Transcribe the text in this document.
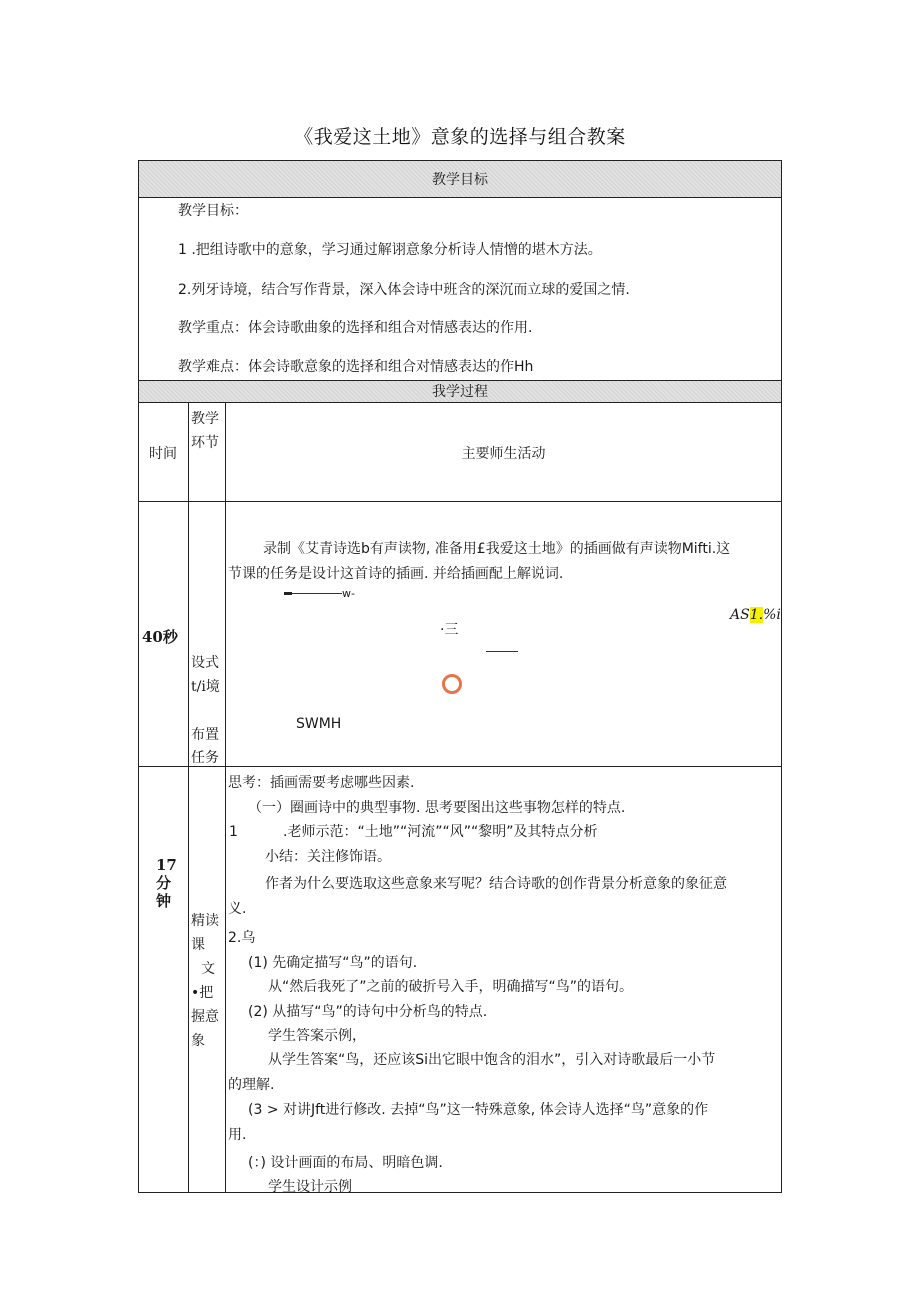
《我爱这土地》意象的选择与组合教案
教学目标
教学目标：
1 .把组诗歌中的意象，学习通过解诩意象分析诗人情憎的堪木方法。
2.列牙诗境，结合写作背景，深入体会诗中班含的深沉而立球的爱国之情.
教学重点：体会诗歌曲象的选择和组合对情感表达的作用.
教学难点：体会诗歌意象的选择和组合对情感表达的作Hh
我学过程
时间
教学
环节
主要师生活动
40秒
设式
t/i境
布置
任务
录制《艾青诗选b有声读物, 准备用£我爱这土地》的插画做有声读物Mifti.这
节课的任务是设计这首诗的插画. 并给插画配上解说词.
w-
AS1.%i
·三
SWMH
17
分
钟
精读
课
文
•把
握意
象
思考：插画需要考虑哪些因素.
（一）圈画诗中的典型事物. 思考要图出这些事物怎样的特点.
1	.老师示范：“土地”“河流”“风”“黎明”及其特点分析
小结：关注修饰语。
作者为什么要选取这些意象来写呢？结合诗歌的创作背景分析意象的象征意
义.
2.乌
(1) 先确定描写“鸟”的语句.
从“然后我死了”之前的破折号入手，明确描写“鸟”的语句。
(2) 从描写“鸟”的诗句中分析鸟的特点.
学生答案示例，
从学生答案“鸟，还应该Si出它眼中饱含的泪水”，引入对诗歌最后一小节
的理解.
(3 > 对讲Jft进行修改. 去掉“鸟”这一特殊意象, 体会诗人选择“鸟”意象的作
用.
(：) 设计画面的布局、明暗色调.
学生设计示例
